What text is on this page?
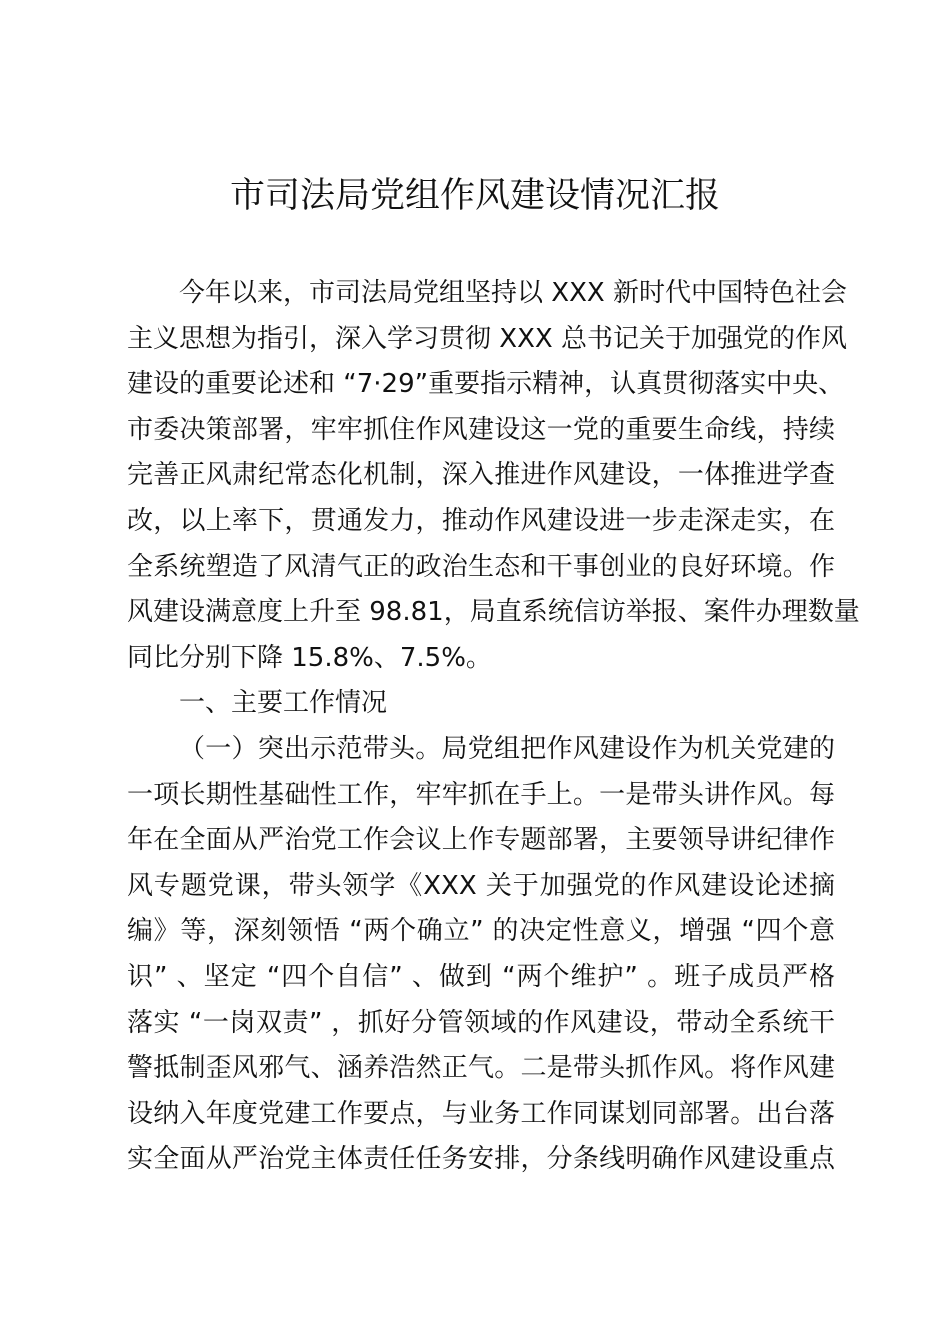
市司法局党组作风建设情况汇报
今年以来，市司法局党组坚持以 XXX 新时代中国特色社会
主义思想为指引，深入学习贯彻 XXX 总书记关于加强党的作风
建设的重要论述和 “7·29”重要指示精神，认真贯彻落实中央、
市委决策部署，牢牢抓住作风建设这一党的重要生命线，持续
完善正风肃纪常态化机制，深入推进作风建设，一体推进学查
改，以上率下，贯通发力，推动作风建设进一步走深走实，在
全系统塑造了风清气正的政治生态和干事创业的良好环境。作
风建设满意度上升至 98.81，局直系统信访举报、案件办理数量
同比分别下降 15.8%、7.5%。
一、主要工作情况
（一）突出示范带头。局党组把作风建设作为机关党建的
一项长期性基础性工作，牢牢抓在手上。一是带头讲作风。每
年在全面从严治党工作会议上作专题部署，主要领导讲纪律作
风专题党课，带头领学《XXX 关于加强党的作风建设论述摘
编》等，深刻领悟 “两个确立” 的决定性意义，增强 “四个意
识” 、坚定 “四个自信” 、做到 “两个维护” 。班子成员严格
落实 “一岗双责” ，抓好分管领域的作风建设，带动全系统干
警抵制歪风邪气、涵养浩然正气。二是带头抓作风。将作风建
设纳入年度党建工作要点，与业务工作同谋划同部署。出台落
实全面从严治党主体责任任务安排，分条线明确作风建设重点
